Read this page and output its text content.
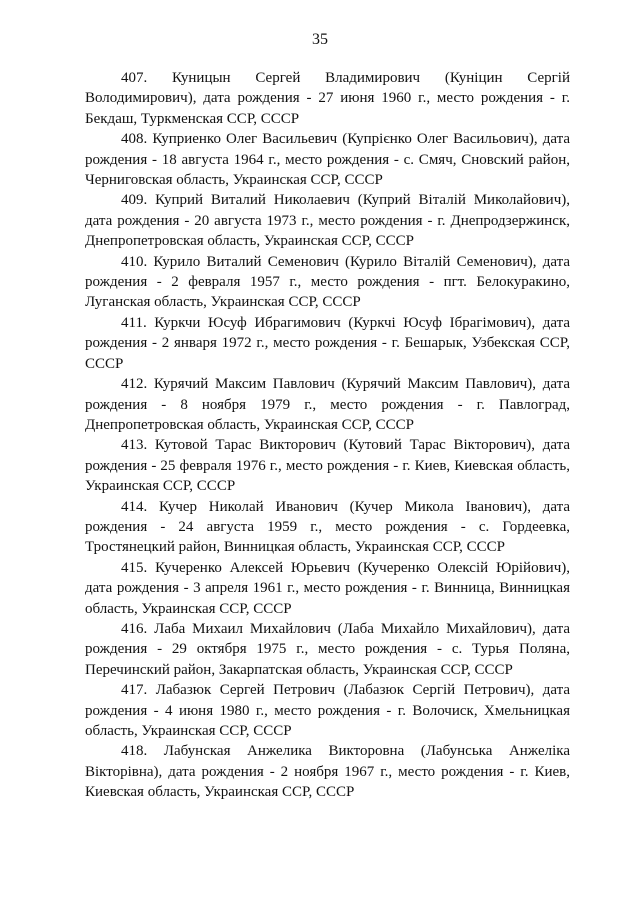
35

407. Куницын Сергей Владимирович (Куніцин Сергій Володимирович), дата рождения - 27 июня 1960 г., место рождения - г. Бекдаш, Туркменская ССР, СССР

408. Куприенко Олег Васильевич (Купрієнко Олег Васильович), дата рождения - 18 августа 1964 г., место рождения - с. Смяч, Сновский район, Черниговская область, Украинская ССР, СССР

409. Куприй Виталий Николаевич (Куприй Віталій Миколайович), дата рождения - 20 августа 1973 г., место рождения - г. Днепродзержинск, Днепропетровская область, Украинская ССР, СССР

410. Курило Виталий Семенович (Курило Віталій Семенович), дата рождения - 2 февраля 1957 г., место рождения - пгт. Белокуракино, Луганская область, Украинская ССР, СССР

411. Куркчи Юсуф Ибрагимович (Куркчі Юсуф Ібрагімович), дата рождения - 2 января 1972 г., место рождения - г. Бешарык, Узбекская ССР, СССР

412. Курячий Максим Павлович (Курячий Максим Павлович), дата рождения - 8 ноября 1979 г., место рождения - г. Павлоград, Днепропетровская область, Украинская ССР, СССР

413. Кутовой Тарас Викторович (Кутовий Тарас Вікторович), дата рождения - 25 февраля 1976 г., место рождения - г. Киев, Киевская область, Украинская ССР, СССР

414. Кучер Николай Иванович (Кучер Микола Іванович), дата рождения - 24 августа 1959 г., место рождения - с. Гордеевка, Тростянецкий район, Винницкая область, Украинская ССР, СССР

415. Кучеренко Алексей Юрьевич (Кучеренко Олексій Юрійович), дата рождения - 3 апреля 1961 г., место рождения - г. Винница, Винницкая область, Украинская ССР, СССР

416. Лаба Михаил Михайлович (Лаба Михайло Михайлович), дата рождения - 29 октября 1975 г., место рождения - с. Турья Поляна, Перечинский район, Закарпатская область, Украинская ССР, СССР

417. Лабазюк Сергей Петрович (Лабазюк Сергій Петрович), дата рождения - 4 июня 1980 г., место рождения - г. Волочиск, Хмельницкая область, Украинская ССР, СССР

418. Лабунская Анжелика Викторовна (Лабунська Анжеліка Вікторівна), дата рождения - 2 ноября 1967 г., место рождения - г. Киев, Киевская область, Украинская ССР, СССР
